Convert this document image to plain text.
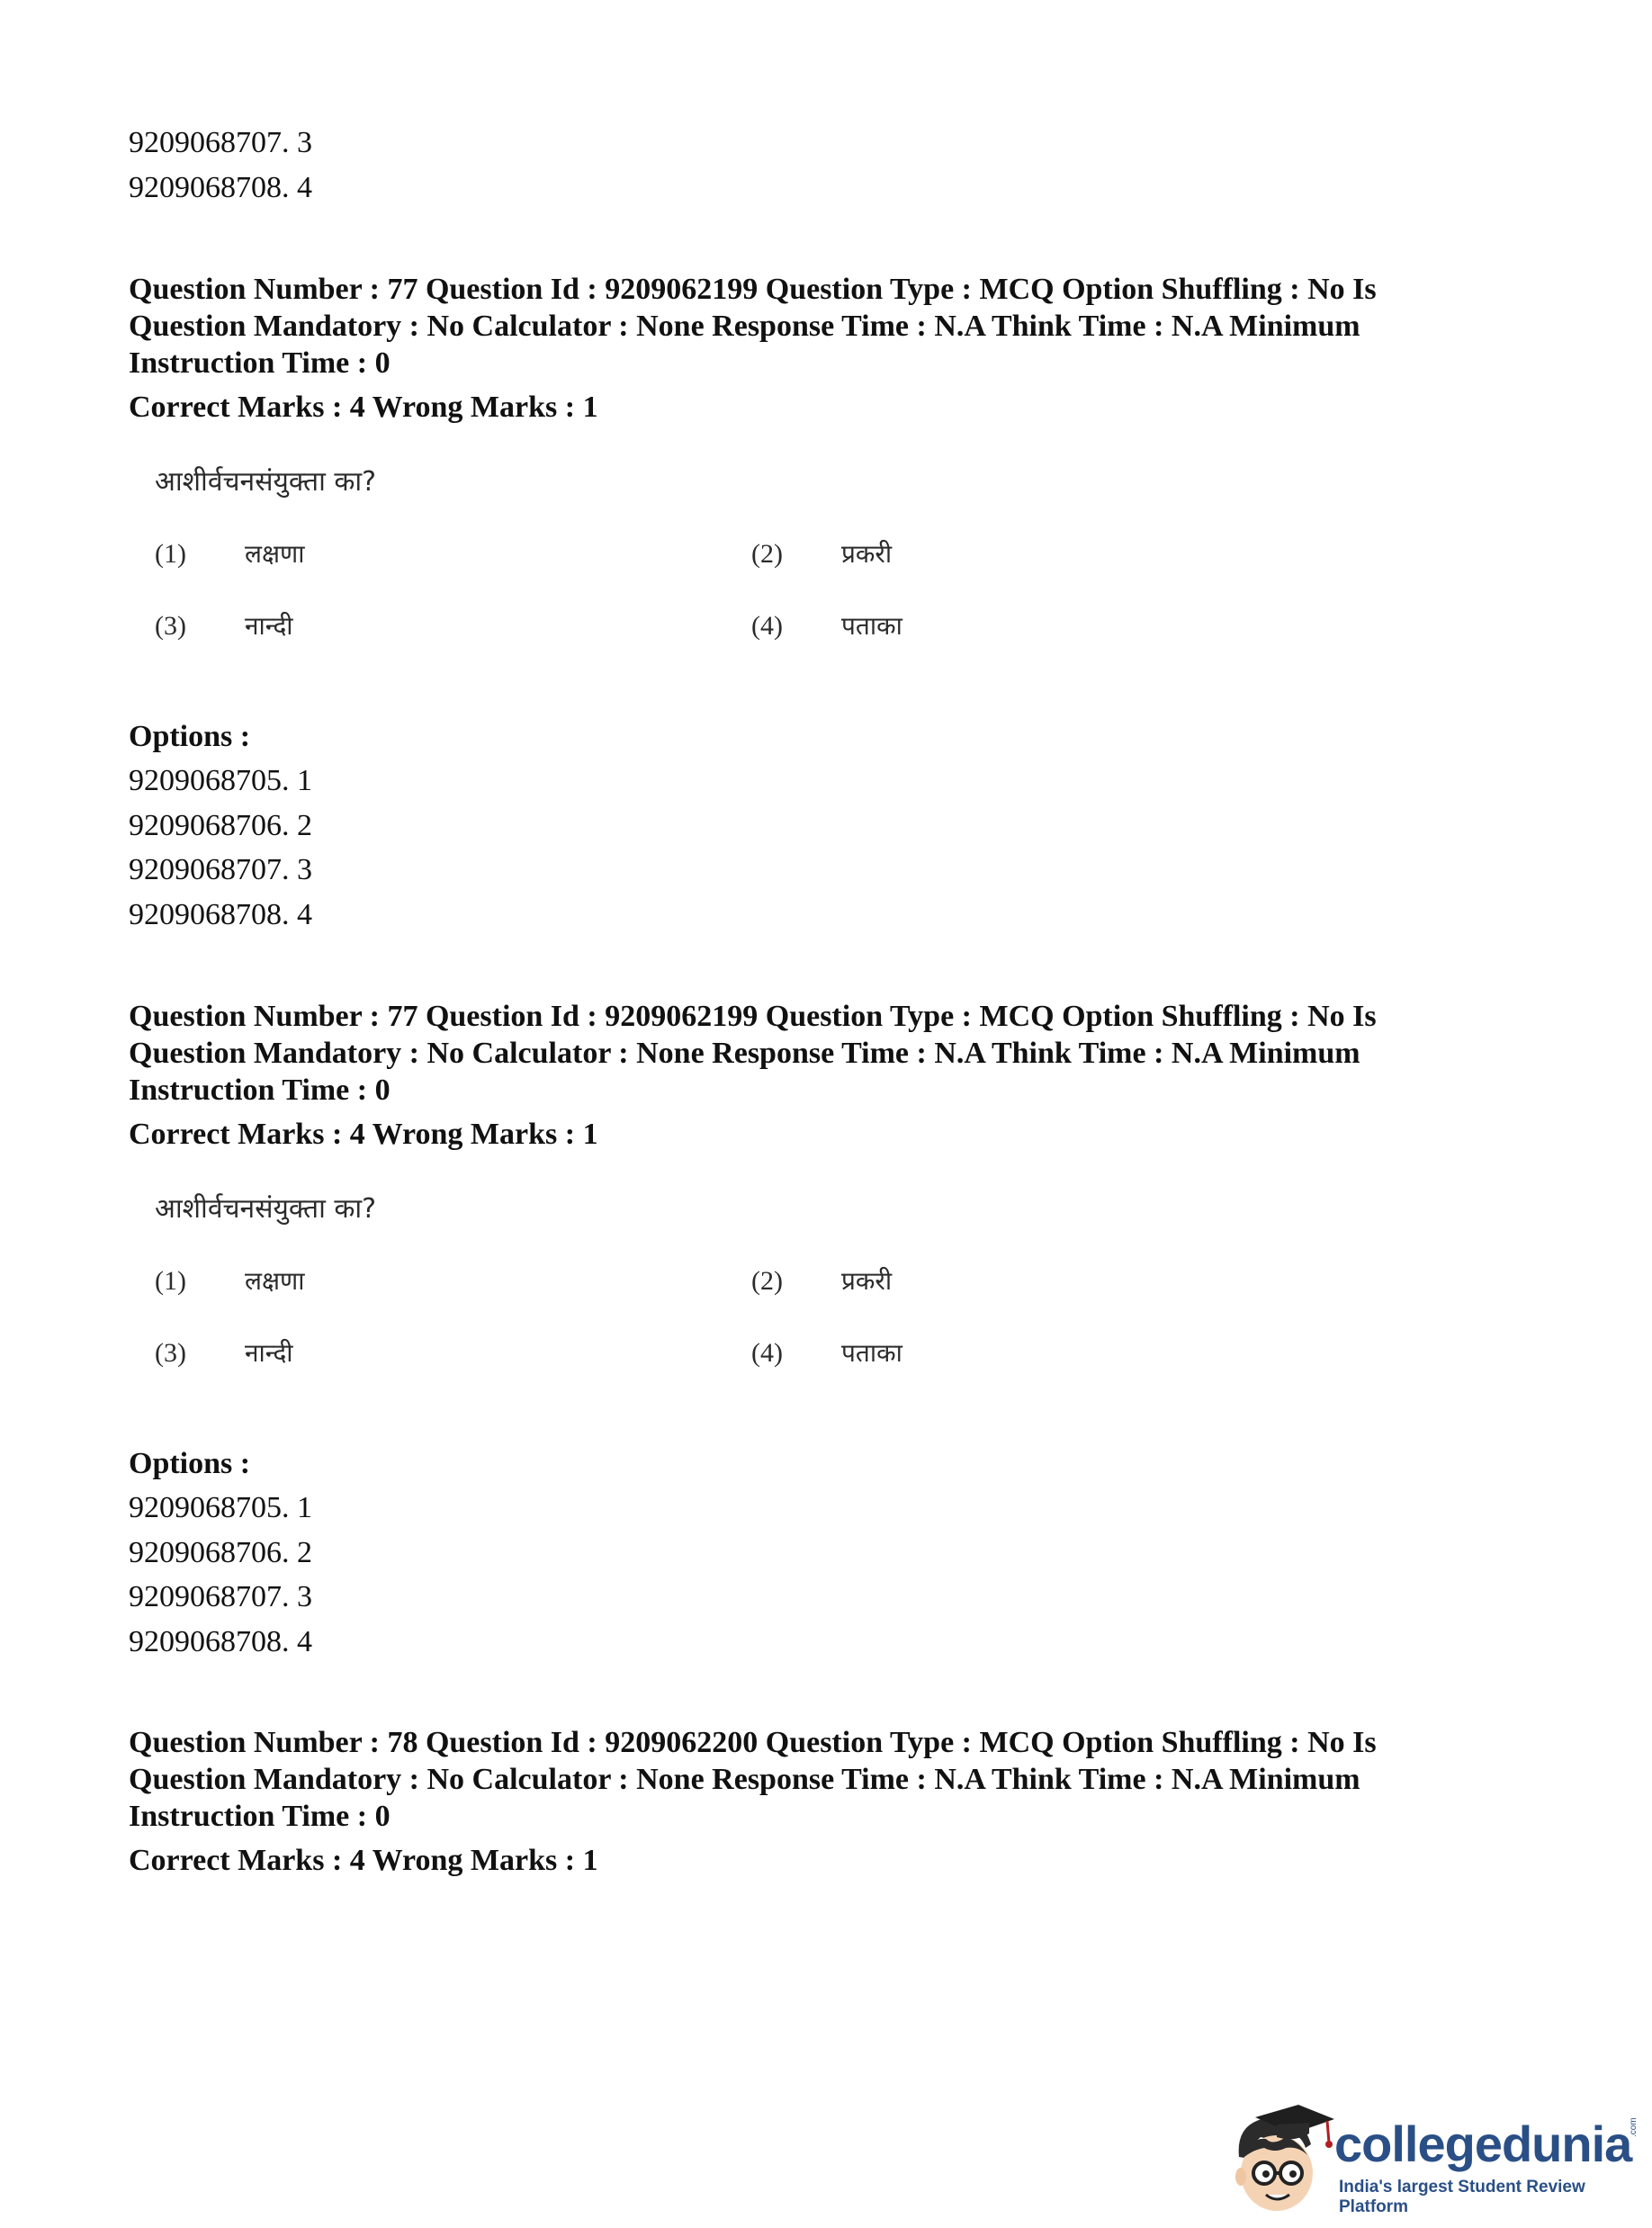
9209068707. 3
9209068708. 4
Question Number : 77 Question Id : 9209062199 Question Type : MCQ Option Shuffling : No Is
Question Mandatory : No Calculator : None Response Time : N.A Think Time : N.A Minimum
Instruction Time : 0
Correct Marks : 4 Wrong Marks : 1
आशीर्वचनसंयुक्ता का?
(1) लक्षणा	(2) प्रकरी
(3) नान्दी	(4) पताका
Options :
9209068705. 1
9209068706. 2
9209068707. 3
9209068708. 4
Question Number : 77 Question Id : 9209062199 Question Type : MCQ Option Shuffling : No Is
Question Mandatory : No Calculator : None Response Time : N.A Think Time : N.A Minimum
Instruction Time : 0
Correct Marks : 4 Wrong Marks : 1
आशीर्वचनसंयुक्ता का?
(1) लक्षणा	(2) प्रकरी
(3) नान्दी	(4) पताका
Options :
9209068705. 1
9209068706. 2
9209068707. 3
9209068708. 4
Question Number : 78 Question Id : 9209062200 Question Type : MCQ Option Shuffling : No Is
Question Mandatory : No Calculator : None Response Time : N.A Think Time : N.A Minimum
Instruction Time : 0
Correct Marks : 4 Wrong Marks : 1
collegedunia
.com
India's largest Student Review Platform
